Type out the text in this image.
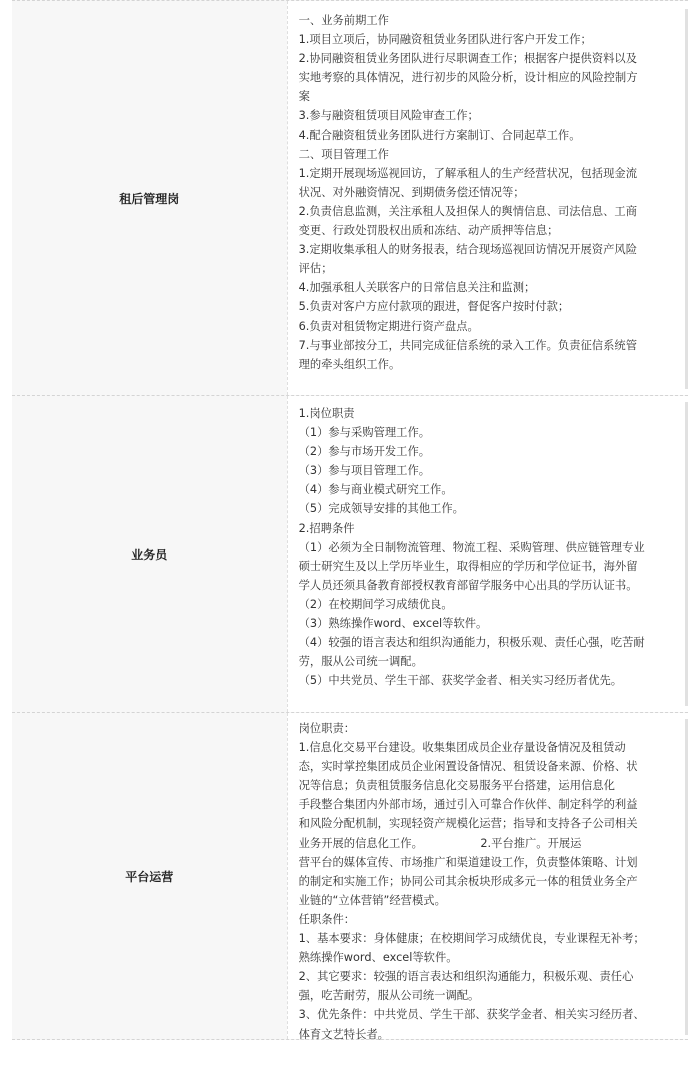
租后管理岗
一、业务前期工作
1.项目立项后，协同融资租赁业务团队进行客户开发工作；
2.协同融资租赁业务团队进行尽职调查工作；根据客户提供资料以及
实地考察的具体情况，进行初步的风险分析，设计相应的风险控制方
案
3.参与融资租赁项目风险审查工作；
4.配合融资租赁业务团队进行方案制订、合同起草工作。
二、项目管理工作
1.定期开展现场巡视回访，了解承租人的生产经营状况，包括现金流
状况、对外融资情况、到期债务偿还情况等；
2.负责信息监测，关注承租人及担保人的舆情信息、司法信息、工商
变更、行政处罚股权出质和冻结、动产质押等信息；
3.定期收集承租人的财务报表，结合现场巡视回访情况开展资产风险
评估；
4.加强承租人关联客户的日常信息关注和监测；
5.负责对客户方应付款项的跟进，督促客户按时付款；
6.负责对租赁物定期进行资产盘点。
7.与事业部按分工，共同完成征信系统的录入工作。负责征信系统管
理的牵头组织工作。
业务员
1.岗位职责
（1）参与采购管理工作。
（2）参与市场开发工作。
（3）参与项目管理工作。
（4）参与商业模式研究工作。
（5）完成领导安排的其他工作。
2.招聘条件
（1）必须为全日制物流管理、物流工程、采购管理、供应链管理专业
硕士研究生及以上学历毕业生，取得相应的学历和学位证书，海外留
学人员还须具备教育部授权教育部留学服务中心出具的学历认证书。
（2）在校期间学习成绩优良。
（3）熟练操作word、excel等软件。
（4）较强的语言表达和组织沟通能力，积极乐观、责任心强，吃苦耐
劳，服从公司统一调配。
（5）中共党员、学生干部、获奖学金者、相关实习经历者优先。
平台运营
岗位职责：
1.信息化交易平台建设。收集集团成员企业存量设备情况及租赁动
态，实时掌控集团成员企业闲置设备情况、租赁设备来源、价格、状
况等信息；负责租赁服务信息化交易服务平台搭建，运用信息化
手段整合集团内外部市场，通过引入可靠合作伙伴、制定科学的利益
和风险分配机制，实现轻资产规模化运营；指导和支持各子公司相关
业务开展的信息化工作。                2.平台推广。开展运
营平台的媒体宣传、市场推广和渠道建设工作，负责整体策略、计划
的制定和实施工作；协同公司其余板块形成多元一体的租赁业务全产
业链的“立体营销”经营模式。
任职条件：
1、基本要求：身体健康；在校期间学习成绩优良，专业课程无补考；
熟练操作word、excel等软件。
2、其它要求：较强的语言表达和组织沟通能力，积极乐观、责任心
强，吃苦耐劳，服从公司统一调配。
3、优先条件：中共党员、学生干部、获奖学金者、相关实习经历者、
体育文艺特长者。
